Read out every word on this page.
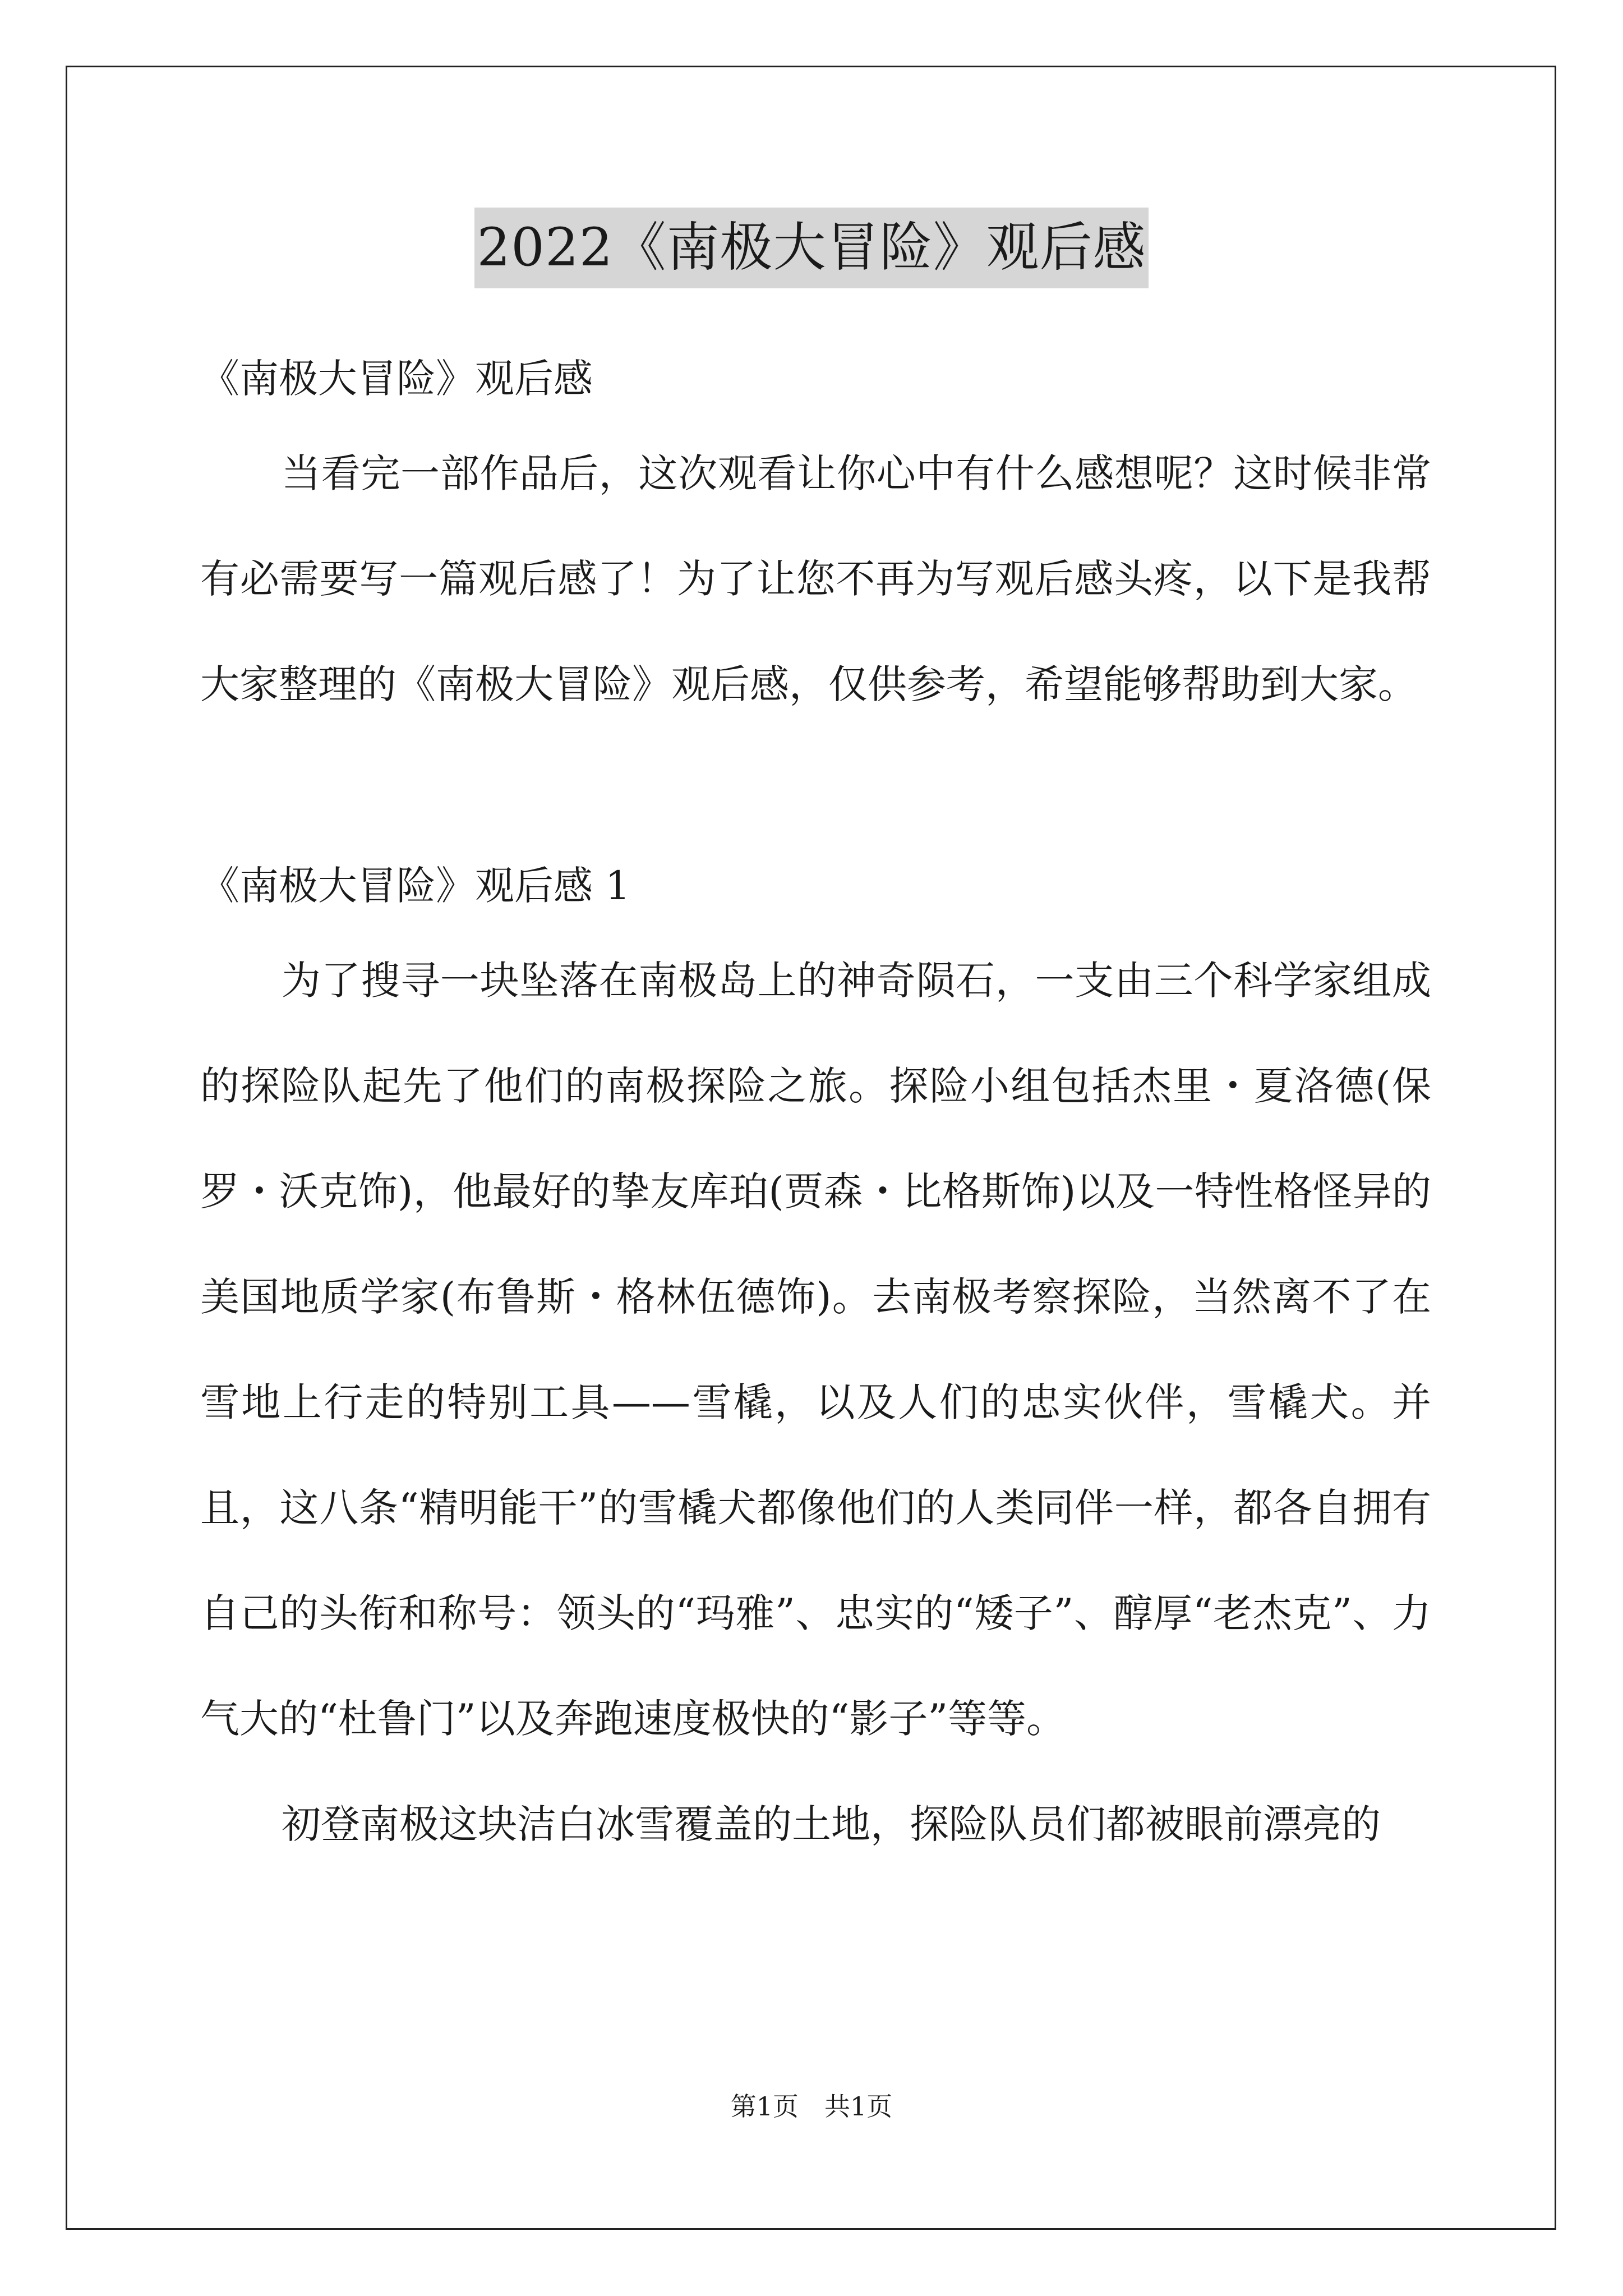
2022《南极大冒险》观后感

《南极大冒险》观后感

当看完一部作品后，这次观看让你心中有什么感想呢？这时候非常有必需要写一篇观后感了！为了让您不再为写观后感头疼，以下是我帮大家整理的《南极大冒险》观后感，仅供参考，希望能够帮助到大家。

《南极大冒险》观后感 1

为了搜寻一块坠落在南极岛上的神奇陨石，一支由三个科学家组成的探险队起先了他们的南极探险之旅。探险小组包括杰里・夏洛德(保罗・沃克饰)，他最好的挚友库珀(贾森・比格斯饰)以及一特性格怪异的美国地质学家(布鲁斯・格林伍德饰)。去南极考察探险，当然离不了在雪地上行走的特别工具——雪橇，以及人们的忠实伙伴，雪橇犬。并且，这八条“精明能干”的雪橇犬都像他们的人类同伴一样，都各自拥有自己的头衔和称号：领头的“玛雅”、忠实的“矮子”、醇厚“老杰克”、力气大的“杜鲁门”以及奔跑速度极快的“影子”等等。

初登南极这块洁白冰雪覆盖的土地，探险队员们都被眼前漂亮的

第1页　共1页
